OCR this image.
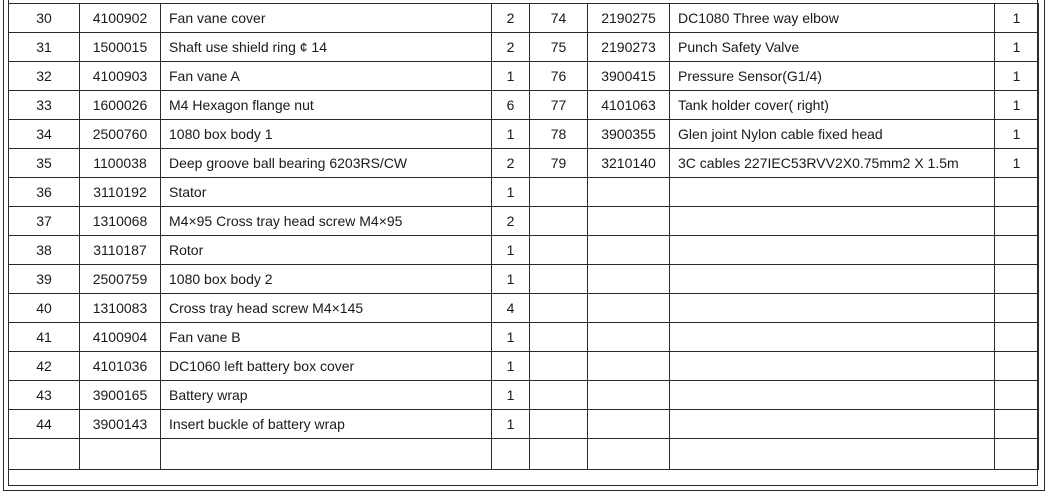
30	4100902	Fan vane cover	2	74	2190275	DC1080 Three way elbow	1
31	1500015	Shaft use shield ring ¢ 14	2	75	2190273	Punch Safety Valve	1
32	4100903	Fan vane A	1	76	3900415	Pressure Sensor(G1/4)	1
33	1600026	M4 Hexagon flange nut	6	77	4101063	Tank holder cover( right)	1
34	2500760	1080 box body 1	1	78	3900355	Glen joint Nylon cable fixed head	1
35	1100038	Deep groove ball bearing 6203RS/CW	2	79	3210140	3C cables 227IEC53RVV2X0.75mm2 X 1.5m	1
36	3110192	Stator	1				
37	1310068	M4×95 Cross tray head screw M4×95	2				
38	3110187	Rotor	1				
39	2500759	1080 box body 2	1				
40	1310083	Cross tray head screw M4×145	4				
41	4100904	Fan vane B	1				
42	4101036	DC1060 left battery box cover	1				
43	3900165	Battery wrap	1				
44	3900143	Insert buckle of battery wrap	1				
